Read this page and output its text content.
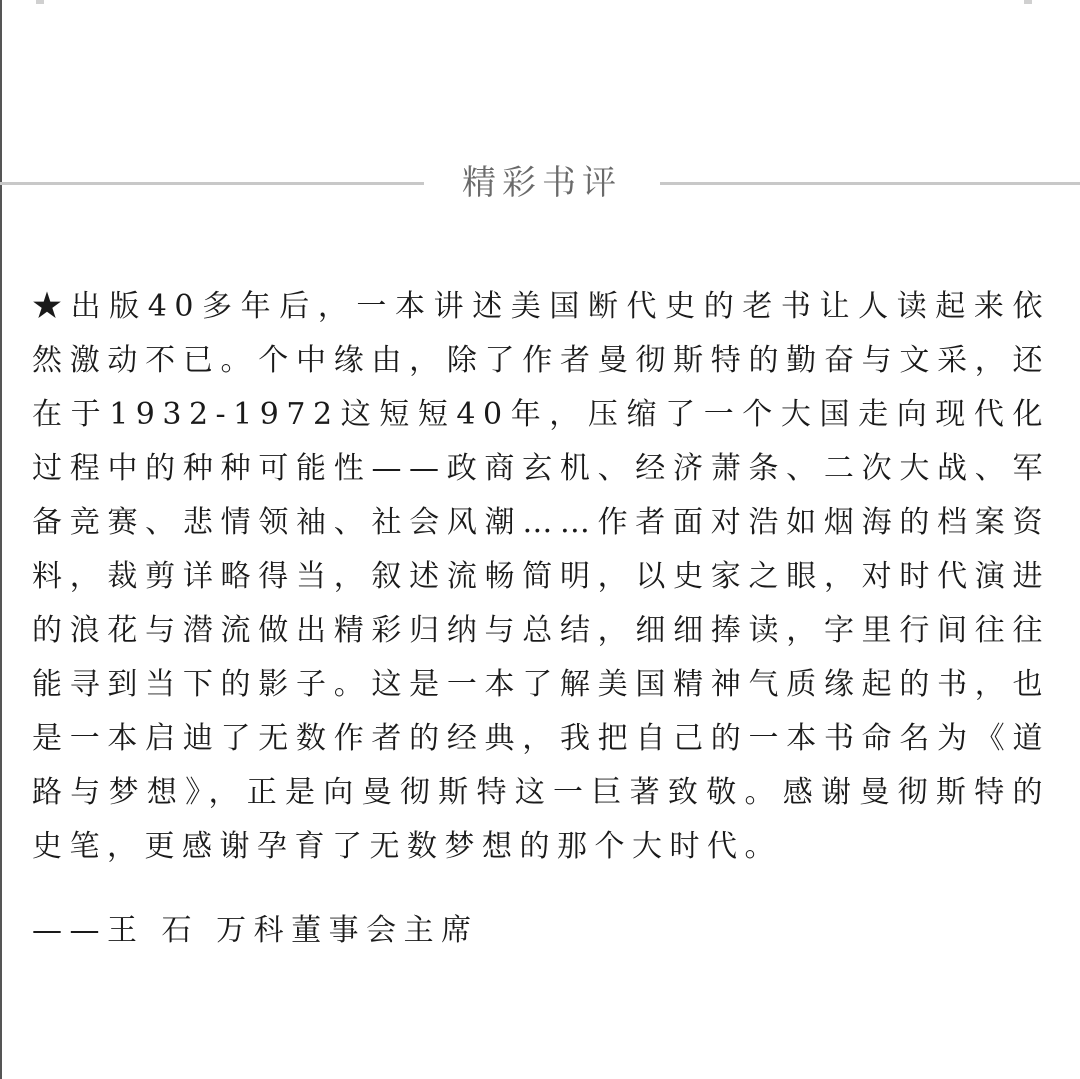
精彩书评

★出版40多年后，一本讲述美国断代史的老书让人读起来依然激动不已。个中缘由，除了作者曼彻斯特的勤奋与文采，还在于1932-1972这短短40年，压缩了一个大国走向现代化过程中的种种可能性——政商玄机、经济萧条、二次大战、军备竞赛、悲情领袖、社会风潮……作者面对浩如烟海的档案资料，裁剪详略得当，叙述流畅简明，以史家之眼，对时代演进的浪花与潜流做出精彩归纳与总结，细细捧读，字里行间往往能寻到当下的影子。这是一本了解美国精神气质缘起的书，也是一本启迪了无数作者的经典，我把自己的一本书命名为《道路与梦想》，正是向曼彻斯特这一巨著致敬。感谢曼彻斯特的史笔，更感谢孕育了无数梦想的那个大时代。

——王 石 万科董事会主席
